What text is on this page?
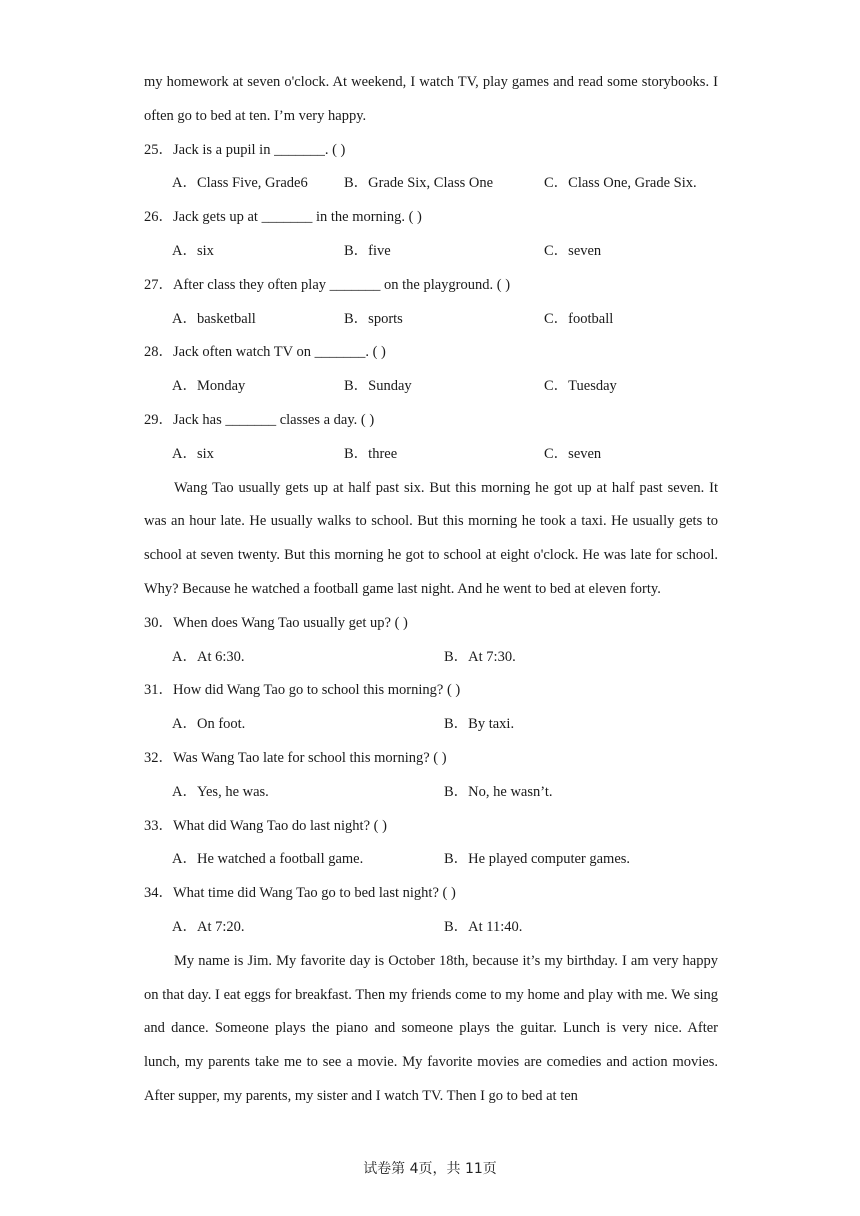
my homework at seven o'clock. At weekend, I watch TV, play games and read some storybooks. I often go to bed at ten. I’m very happy.

25．Jack is a pupil in _______. ( )
A．Class Five, Grade6	B．Grade Six, Class One	C．Class One, Grade Six.
26．Jack gets up at _______ in the morning. ( )
A．six	B．five	C．seven
27．After class they often play _______ on the playground. ( )
A．basketball	B．sports	C．football
28．Jack often watch TV on _______. ( )
A．Monday	B．Sunday	C．Tuesday
29．Jack has _______ classes a day. ( )
A．six	B．three	C．seven

Wang Tao usually gets up at half past six. But this morning he got up at half past seven. It was an hour late. He usually walks to school. But this morning he took a taxi. He usually gets to school at seven twenty. But this morning he got to school at eight o'clock. He was late for school. Why? Because he watched a football game last night. And he went to bed at eleven forty.

30．When does Wang Tao usually get up? ( )
A．At 6:30.	B．At 7:30.
31．How did Wang Tao go to school this morning? ( )
A．On foot.	B．By taxi.
32．Was Wang Tao late for school this morning? ( )
A．Yes, he was.	B．No, he wasn’t.
33．What did Wang Tao do last night? ( )
A．He watched a football game.	B．He played computer games.
34．What time did Wang Tao go to bed last night? ( )
A．At 7:20.	B．At 11:40.

My name is Jim. My favorite day is October 18th, because it’s my birthday. I am very happy on that day. I eat eggs for breakfast. Then my friends come to my home and play with me. We sing and dance. Someone plays the piano and someone plays the guitar. Lunch is very nice. After lunch, my parents take me to see a movie. My favorite movies are comedies and action movies. After supper, my parents, my sister and I watch TV. Then I go to bed at ten

试卷第 4页，共 11页
